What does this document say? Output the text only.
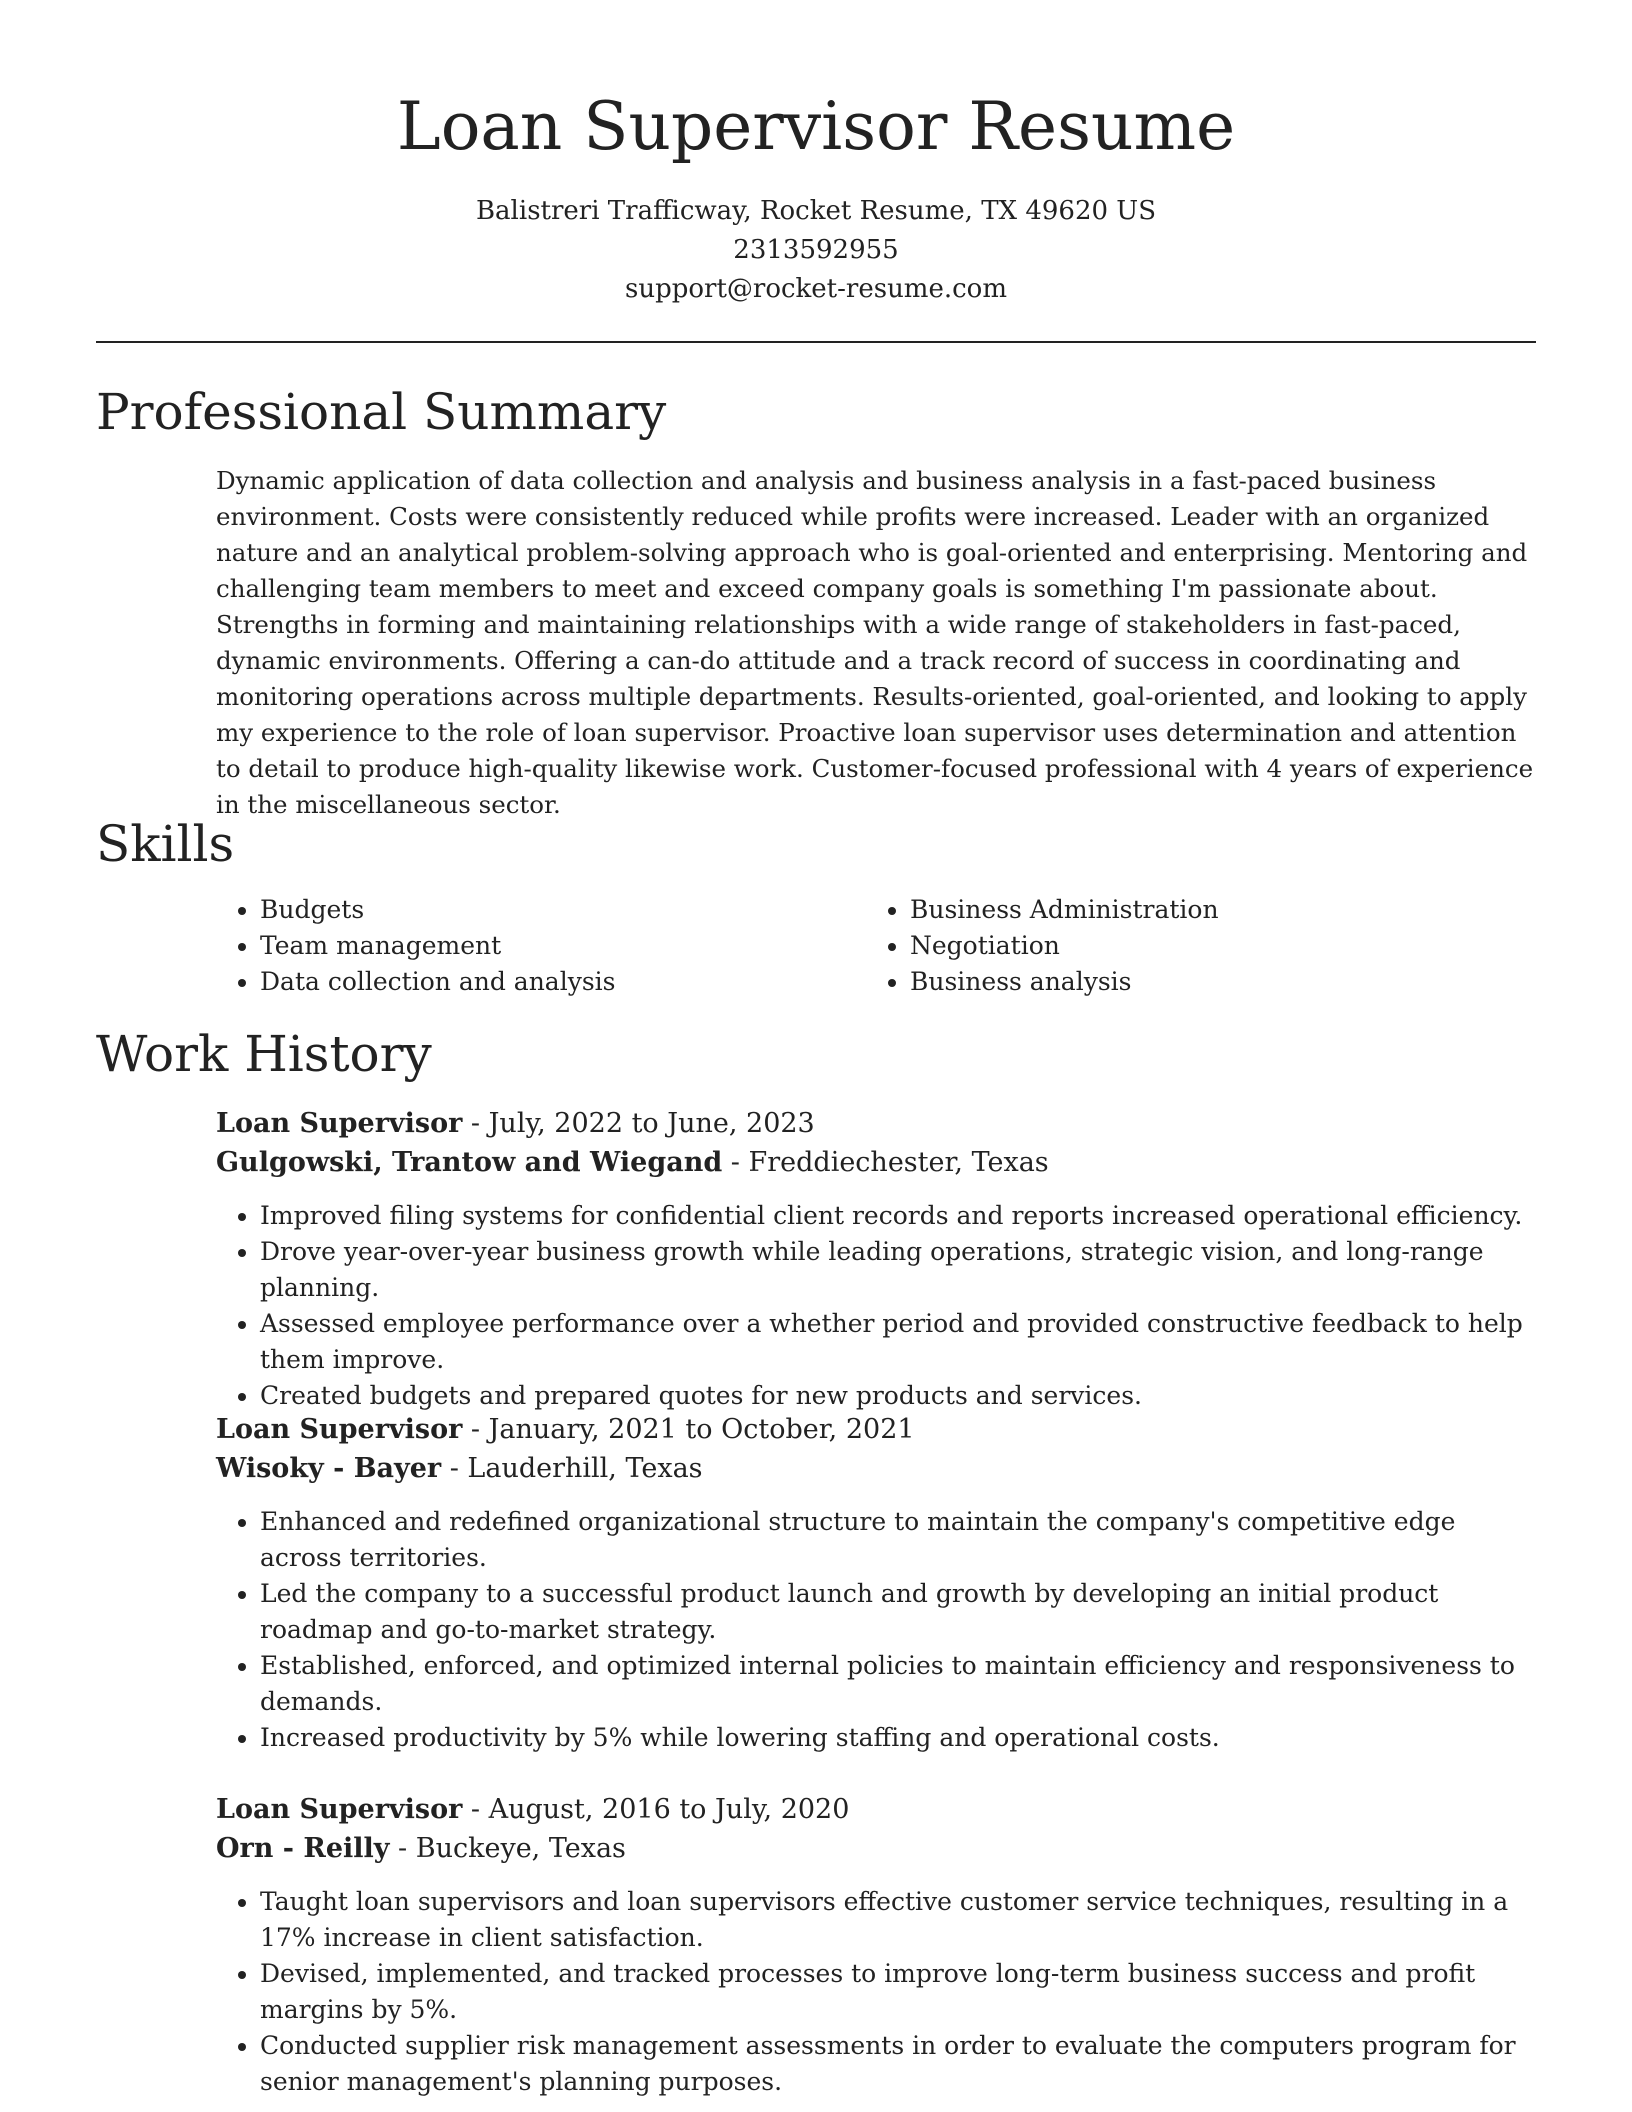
Loan Supervisor Resume
Balistreri Trafficway, Rocket Resume, TX 49620 US
2313592955
support@rocket-resume.com
Professional Summary

Dynamic application of data collection and analysis and business analysis in a fast-paced business environment. Costs were consistently reduced while profits were increased. Leader with an organized nature and an analytical problem-solving approach who is goal-oriented and enterprising. Mentoring and challenging team members to meet and exceed company goals is something I'm passionate about. Strengths in forming and maintaining relationships with a wide range of stakeholders in fast-paced, dynamic environments. Offering a can-do attitude and a track record of success in coordinating and monitoring operations across multiple departments. Results-oriented, goal-oriented, and looking to apply my experience to the role of loan supervisor. Proactive loan supervisor uses determination and attention to detail to produce high-quality likewise work. Customer-focused professional with 4 years of experience in the miscellaneous sector.

Skills
• Budgets
• Team management
• Data collection and analysis
• Business Administration
• Negotiation
• Business analysis
Work History
Loan Supervisor - July, 2022 to June, 2023
Gulgowski, Trantow and Wiegand - Freddiechester, Texas
• Improved filing systems for confidential client records and reports increased operational efficiency.
• Drove year-over-year business growth while leading operations, strategic vision, and long-range planning.
• Assessed employee performance over a whether period and provided constructive feedback to help them improve.
• Created budgets and prepared quotes for new products and services.
Loan Supervisor - January, 2021 to October, 2021
Wisoky - Bayer - Lauderhill, Texas
• Enhanced and redefined organizational structure to maintain the company's competitive edge across territories.
• Led the company to a successful product launch and growth by developing an initial product roadmap and go-to-market strategy.
• Established, enforced, and optimized internal policies to maintain efficiency and responsiveness to demands.
• Increased productivity by 5% while lowering staffing and operational costs.
Loan Supervisor - August, 2016 to July, 2020
Orn - Reilly - Buckeye, Texas
• Taught loan supervisors and loan supervisors effective customer service techniques, resulting in a 17% increase in client satisfaction.
• Devised, implemented, and tracked processes to improve long-term business success and profit margins by 5%.
• Conducted supplier risk management assessments in order to evaluate the computers program for senior management's planning purposes.
